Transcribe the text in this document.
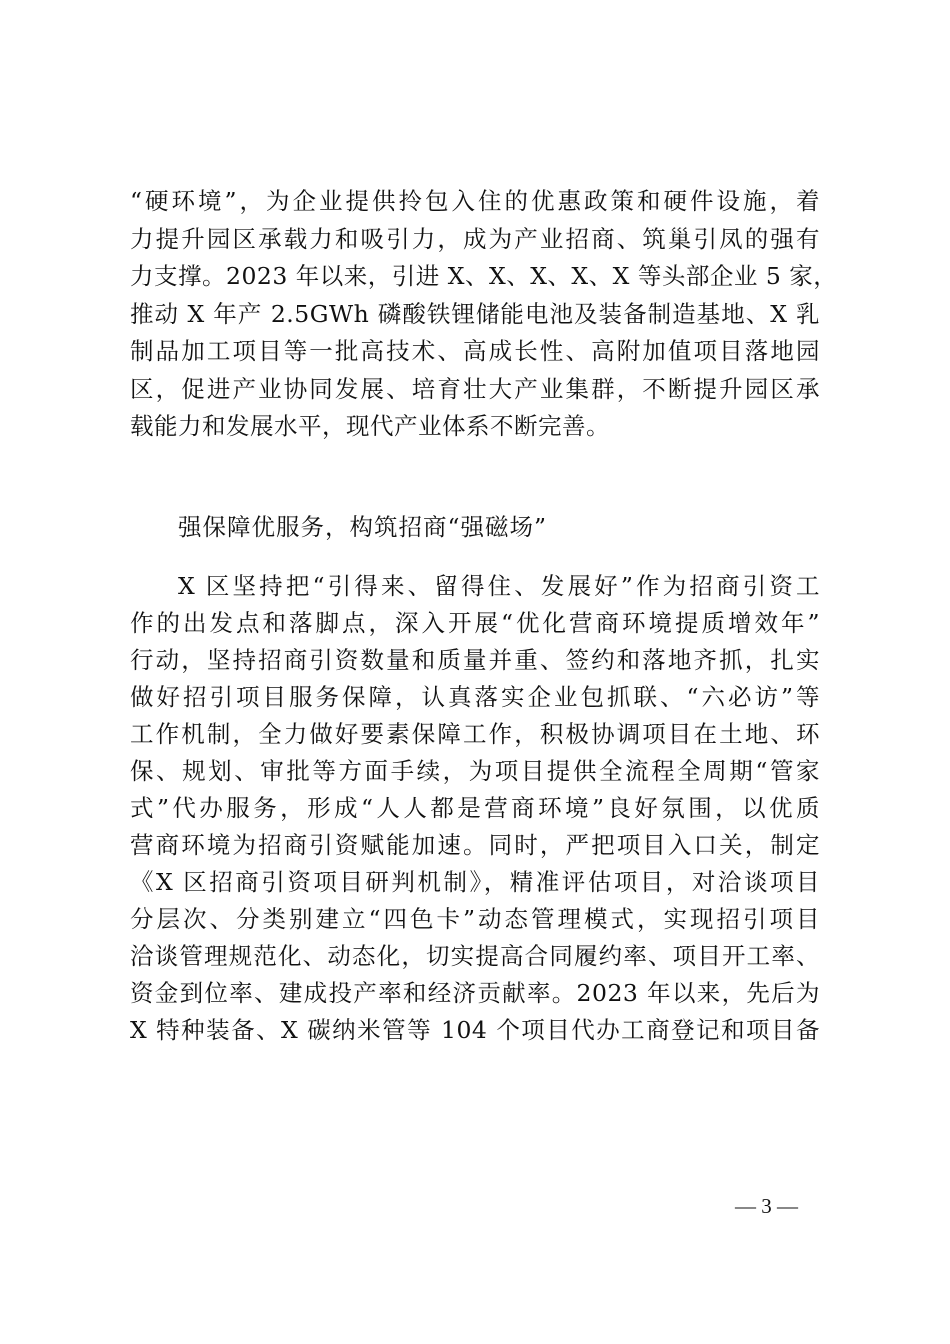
“硬环境”，为企业提供拎包入住的优惠政策和硬件设施，着
力提升园区承载力和吸引力，成为产业招商、筑巢引凤的强有
力支撑。2023 年以来，引进 X、X、X、X、X 等头部企业 5 家，
推动 X 年产 2.5GWh 磷酸铁锂储能电池及装备制造基地、X 乳
制品加工项目等一批高技术、高成长性、高附加值项目落地园
区，促进产业协同发展、培育壮大产业集群，不断提升园区承
载能力和发展水平，现代产业体系不断完善。
强保障优服务，构筑招商“强磁场”
X 区坚持把“引得来、留得住、发展好”作为招商引资工
作的出发点和落脚点，深入开展“优化营商环境提质增效年”
行动，坚持招商引资数量和质量并重、签约和落地齐抓，扎实
做好招引项目服务保障，认真落实企业包抓联、“六必访”等
工作机制，全力做好要素保障工作，积极协调项目在土地、环
保、规划、审批等方面手续，为项目提供全流程全周期“管家
式”代办服务，形成“人人都是营商环境”良好氛围，以优质
营商环境为招商引资赋能加速。同时，严把项目入口关，制定
《X 区招商引资项目研判机制》，精准评估项目，对洽谈项目
分层次、分类别建立“四色卡”动态管理模式，实现招引项目
洽谈管理规范化、动态化，切实提高合同履约率、项目开工率、
资金到位率、建成投产率和经济贡献率。2023 年以来，先后为
X 特种装备、X 碳纳米管等 104 个项目代办工商登记和项目备
— 3 —
